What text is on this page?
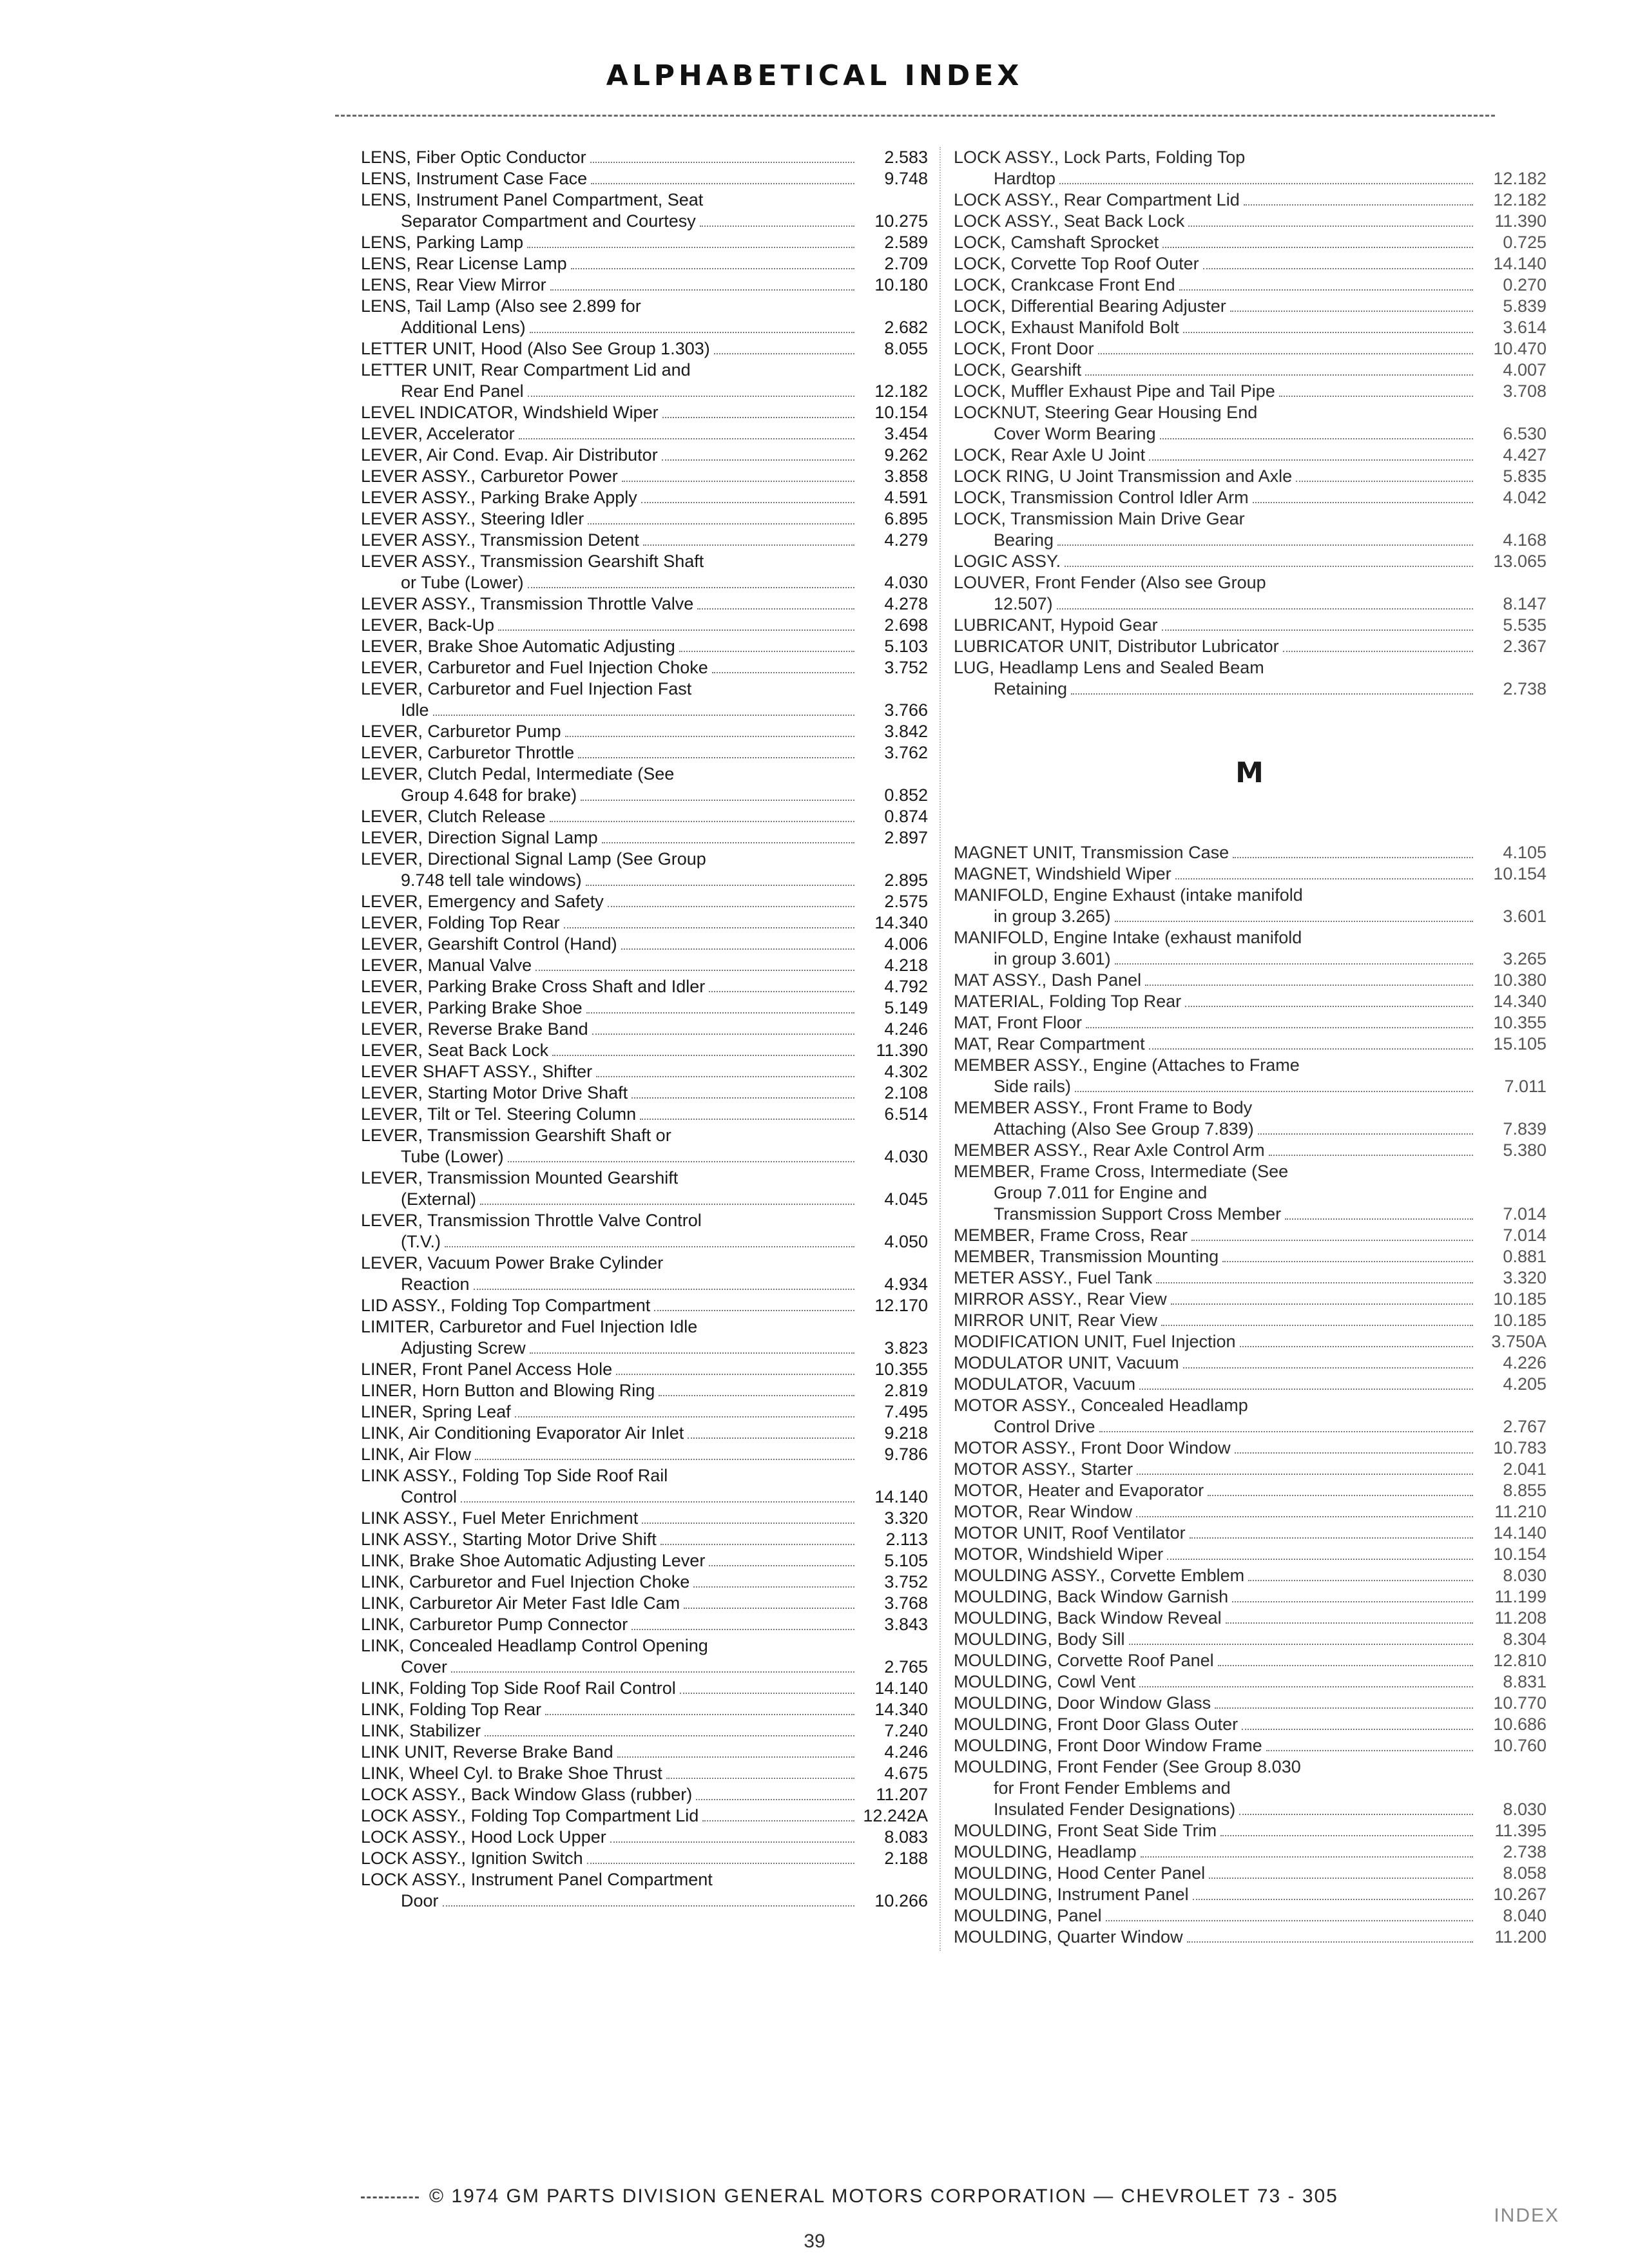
ALPHABETICAL INDEX
LENS, Fiber Optic Conductor	2.583
LENS, Instrument Case Face	9.748
LENS, Instrument Panel Compartment, Seat
Separator Compartment and Courtesy	10.275
LENS, Parking Lamp	2.589
LENS, Rear License Lamp	2.709
LENS, Rear View Mirror	10.180
LENS, Tail Lamp (Also see 2.899 for
Additional Lens)	2.682
LETTER UNIT, Hood (Also See Group 1.303)	8.055
LETTER UNIT, Rear Compartment Lid and
Rear End Panel	12.182
LEVEL INDICATOR, Windshield Wiper	10.154
LEVER, Accelerator	3.454
LEVER, Air Cond. Evap. Air Distributor	9.262
LEVER ASSY., Carburetor Power	3.858
LEVER ASSY., Parking Brake Apply	4.591
LEVER ASSY., Steering Idler	6.895
LEVER ASSY., Transmission Detent	4.279
LEVER ASSY., Transmission Gearshift Shaft
or Tube (Lower)	4.030
LEVER ASSY., Transmission Throttle Valve	4.278
LEVER, Back-Up	2.698
LEVER, Brake Shoe Automatic Adjusting	5.103
LEVER, Carburetor and Fuel Injection Choke	3.752
LEVER, Carburetor and Fuel Injection Fast
Idle	3.766
LEVER, Carburetor Pump	3.842
LEVER, Carburetor Throttle	3.762
LEVER, Clutch Pedal, Intermediate (See
Group 4.648 for brake)	0.852
LEVER, Clutch Release	0.874
LEVER, Direction Signal Lamp	2.897
LEVER, Directional Signal Lamp (See Group
9.748 tell tale windows)	2.895
LEVER, Emergency and Safety	2.575
LEVER, Folding Top Rear	14.340
LEVER, Gearshift Control (Hand)	4.006
LEVER, Manual Valve	4.218
LEVER, Parking Brake Cross Shaft and Idler	4.792
LEVER, Parking Brake Shoe	5.149
LEVER, Reverse Brake Band	4.246
LEVER, Seat Back Lock	11.390
LEVER SHAFT ASSY., Shifter	4.302
LEVER, Starting Motor Drive Shaft	2.108
LEVER, Tilt or Tel. Steering Column	6.514
LEVER, Transmission Gearshift Shaft or
Tube (Lower)	4.030
LEVER, Transmission Mounted Gearshift
(External)	4.045
LEVER, Transmission Throttle Valve Control
(T.V.)	4.050
LEVER, Vacuum Power Brake Cylinder
Reaction	4.934
LID ASSY., Folding Top Compartment	12.170
LIMITER, Carburetor and Fuel Injection Idle
Adjusting Screw	3.823
LINER, Front Panel Access Hole	10.355
LINER, Horn Button and Blowing Ring	2.819
LINER, Spring Leaf	7.495
LINK, Air Conditioning Evaporator Air Inlet	9.218
LINK, Air Flow	9.786
LINK ASSY., Folding Top Side Roof Rail
Control	14.140
LINK ASSY., Fuel Meter Enrichment	3.320
LINK ASSY., Starting Motor Drive Shift	2.113
LINK, Brake Shoe Automatic Adjusting Lever	5.105
LINK, Carburetor and Fuel Injection Choke	3.752
LINK, Carburetor Air Meter Fast Idle Cam	3.768
LINK, Carburetor Pump Connector	3.843
LINK, Concealed Headlamp Control Opening
Cover	2.765
LINK, Folding Top Side Roof Rail Control	14.140
LINK, Folding Top Rear	14.340
LINK, Stabilizer	7.240
LINK UNIT, Reverse Brake Band	4.246
LINK, Wheel Cyl. to Brake Shoe Thrust	4.675
LOCK ASSY., Back Window Glass (rubber)	11.207
LOCK ASSY., Folding Top Compartment Lid	12.242A
LOCK ASSY., Hood Lock Upper	8.083
LOCK ASSY., Ignition Switch	2.188
LOCK ASSY., Instrument Panel Compartment
Door	10.266
LOCK ASSY., Lock Parts, Folding Top
Hardtop	12.182
LOCK ASSY., Rear Compartment Lid	12.182
LOCK ASSY., Seat Back Lock	11.390
LOCK, Camshaft Sprocket	0.725
LOCK, Corvette Top Roof Outer	14.140
LOCK, Crankcase Front End	0.270
LOCK, Differential Bearing Adjuster	5.839
LOCK, Exhaust Manifold Bolt	3.614
LOCK, Front Door	10.470
LOCK, Gearshift	4.007
LOCK, Muffler Exhaust Pipe and Tail Pipe	3.708
LOCKNUT, Steering Gear Housing End
Cover Worm Bearing	6.530
LOCK, Rear Axle U Joint	4.427
LOCK RING, U Joint Transmission and Axle	5.835
LOCK, Transmission Control Idler Arm	4.042
LOCK, Transmission Main Drive Gear
Bearing	4.168
LOGIC ASSY.	13.065
LOUVER, Front Fender (Also see Group
12.507)	8.147
LUBRICANT, Hypoid Gear	5.535
LUBRICATOR UNIT, Distributor Lubricator	2.367
LUG, Headlamp Lens and Sealed Beam
Retaining	2.738
M
MAGNET UNIT, Transmission Case	4.105
MAGNET, Windshield Wiper	10.154
MANIFOLD, Engine Exhaust (intake manifold
in group 3.265)	3.601
MANIFOLD, Engine Intake (exhaust manifold
in group 3.601)	3.265
MAT ASSY., Dash Panel	10.380
MATERIAL, Folding Top Rear	14.340
MAT, Front Floor	10.355
MAT, Rear Compartment	15.105
MEMBER ASSY., Engine (Attaches to Frame
Side rails)	7.011
MEMBER ASSY., Front Frame to Body
Attaching (Also See Group 7.839)	7.839
MEMBER ASSY., Rear Axle Control Arm	5.380
MEMBER, Frame Cross, Intermediate (See
Group 7.011 for Engine and
Transmission Support Cross Member	7.014
MEMBER, Frame Cross, Rear	7.014
MEMBER, Transmission Mounting	0.881
METER ASSY., Fuel Tank	3.320
MIRROR ASSY., Rear View	10.185
MIRROR UNIT, Rear View	10.185
MODIFICATION UNIT, Fuel Injection	3.750A
MODULATOR UNIT, Vacuum	4.226
MODULATOR, Vacuum	4.205
MOTOR ASSY., Concealed Headlamp
Control Drive	2.767
MOTOR ASSY., Front Door Window	10.783
MOTOR ASSY., Starter	2.041
MOTOR, Heater and Evaporator	8.855
MOTOR, Rear Window	11.210
MOTOR UNIT, Roof Ventilator	14.140
MOTOR, Windshield Wiper	10.154
MOULDING ASSY., Corvette Emblem	8.030
MOULDING, Back Window Garnish	11.199
MOULDING, Back Window Reveal	11.208
MOULDING, Body Sill	8.304
MOULDING, Corvette Roof Panel	12.810
MOULDING, Cowl Vent	8.831
MOULDING, Door Window Glass	10.770
MOULDING, Front Door Glass Outer	10.686
MOULDING, Front Door Window Frame	10.760
MOULDING, Front Fender (See Group 8.030
for Front Fender Emblems and
Insulated Fender Designations)	8.030
MOULDING, Front Seat Side Trim	11.395
MOULDING, Headlamp	2.738
MOULDING, Hood Center Panel	8.058
MOULDING, Instrument Panel	10.267
MOULDING, Panel	8.040
MOULDING, Quarter Window	11.200
© 1974 GM PARTS DIVISION GENERAL MOTORS CORPORATION — CHEVROLET 73 - 305
INDEX
39
